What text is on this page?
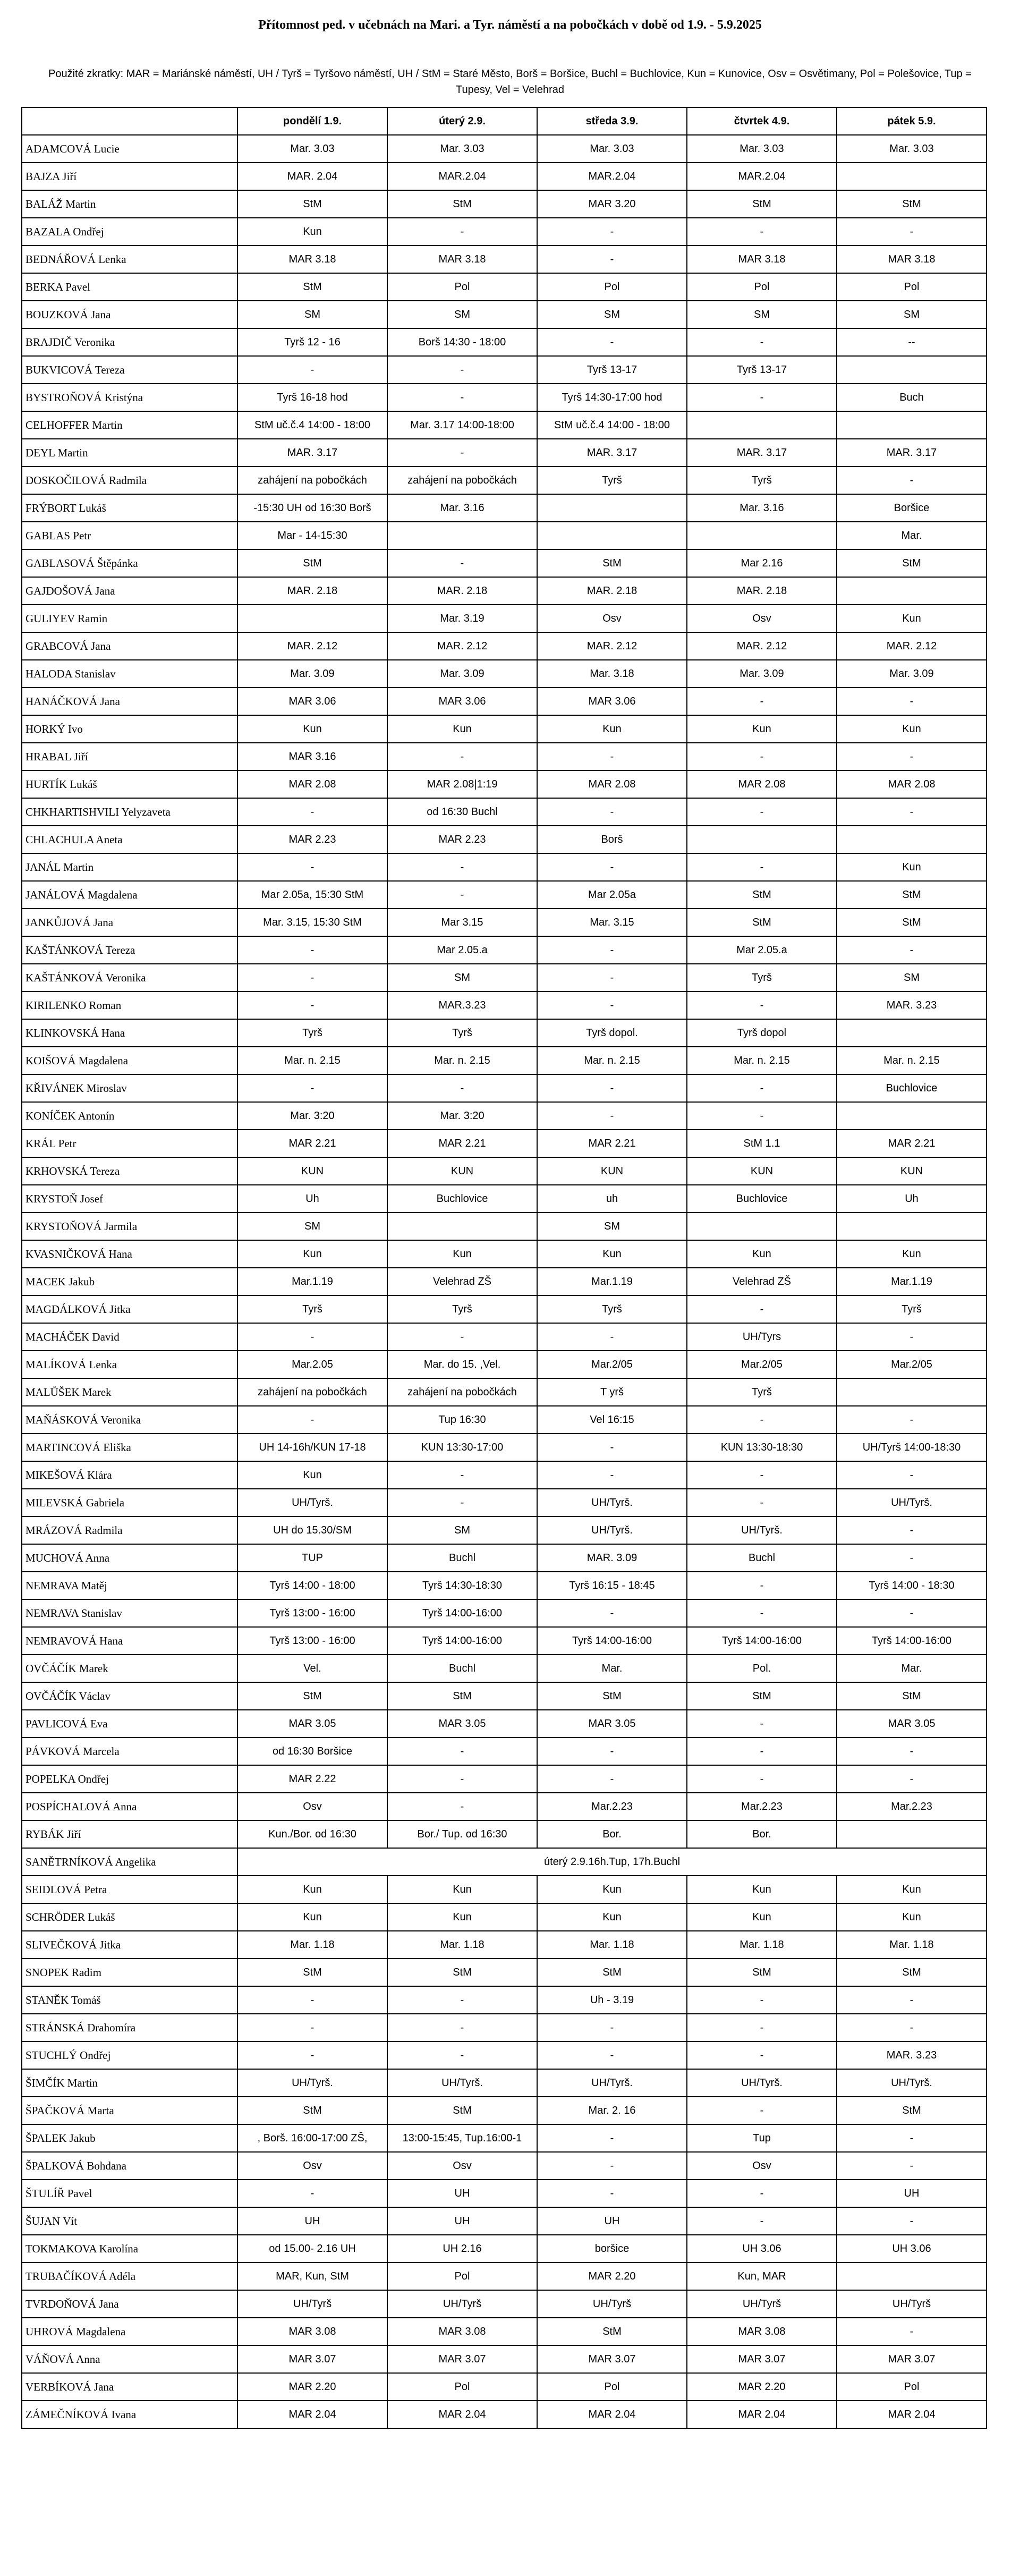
Přítomnost ped. v učebnách na Mari. a Tyr. náměstí a na pobočkách v době od 1.9. - 5.9.2025
Použité zkratky: MAR = Mariánské náměstí, UH / Tyrš = Tyršovo náměstí, UH / StM = Staré Město, Borš = Boršice, Buchl = Buchlovice, Kun = Kunovice, Osv = Osvětimany, Pol = Polešovice, Tup = Tupesy, Vel = Velehrad
	pondělí 1.9.	úterý 2.9.	středa 3.9.	čtvrtek 4.9.	pátek 5.9.
ADAMCOVÁ Lucie	Mar. 3.03	Mar. 3.03	Mar. 3.03	Mar. 3.03	Mar. 3.03
BAJZA Jiří	MAR. 2.04	MAR.2.04	MAR.2.04	MAR.2.04	
BALÁŽ Martin	StM	StM	MAR 3.20	StM	StM
BAZALA Ondřej	Kun	-	-	-	-
BEDNÁŘOVÁ Lenka	MAR 3.18	MAR 3.18	-	MAR 3.18	MAR 3.18
BERKA Pavel	StM	Pol	Pol	Pol	Pol
BOUZKOVÁ Jana	SM	SM	SM	SM	SM
BRAJDIČ Veronika	Tyrš 12 - 16	Borš 14:30 - 18:00	-	-	--
BUKVICOVÁ Tereza	-	-	Tyrš 13-17	Tyrš 13-17	
BYSTROŇOVÁ Kristýna	Tyrš 16-18 hod	-	Tyrš 14:30-17:00 hod	-	Buch
CELHOFFER Martin	StM uč.č.4 14:00 - 18:00	Mar. 3.17 14:00-18:00	StM uč.č.4 14:00 - 18:00		
DEYL Martin	MAR. 3.17	-	MAR. 3.17	MAR. 3.17	MAR. 3.17
DOSKOČILOVÁ Radmila	zahájení na pobočkách	zahájení na pobočkách	Tyrš	Tyrš	-
FRÝBORT Lukáš	-15:30 UH od 16:30 Borš	Mar. 3.16		Mar. 3.16	Boršice
GABLAS Petr	Mar - 14-15:30				Mar.
GABLASOVÁ Štěpánka	StM	-	StM	Mar 2.16	StM
GAJDOŠOVÁ Jana	MAR. 2.18	MAR. 2.18	MAR. 2.18	MAR. 2.18	
GULIYEV Ramin		Mar. 3.19	Osv	Osv	Kun
GRABCOVÁ Jana	MAR. 2.12	MAR. 2.12	MAR. 2.12	MAR. 2.12	MAR. 2.12
HALODA Stanislav	Mar. 3.09	Mar. 3.09	Mar. 3.18	Mar. 3.09	Mar. 3.09
HANÁČKOVÁ Jana	MAR 3.06	MAR 3.06	MAR 3.06	-	-
HORKÝ Ivo	Kun	Kun	Kun	Kun	Kun
HRABAL Jiří	MAR 3.16	-	-	-	-
HURTÍK Lukáš	MAR 2.08	MAR 2.08|1:19	MAR 2.08	MAR 2.08	MAR 2.08
CHKHARTISHVILI Yelyzaveta	-	od 16:30 Buchl	-	-	-
CHLACHULA Aneta	MAR 2.23	MAR 2.23	Borš		
JANÁL Martin	-	-	-	-	Kun
JANÁLOVÁ Magdalena	Mar 2.05a, 15:30 StM	-	Mar 2.05a	StM	StM
JANKŮJOVÁ Jana	Mar. 3.15, 15:30 StM	Mar 3.15	Mar. 3.15	StM	StM
KAŠTÁNKOVÁ Tereza	-	Mar 2.05.a	-	Mar 2.05.a	-
KAŠTÁNKOVÁ Veronika	-	SM	-	Tyrš	SM
KIRILENKO Roman	-	MAR.3.23	-	-	MAR. 3.23
KLINKOVSKÁ Hana	Tyrš	Tyrš	Tyrš dopol.	Tyrš dopol	
KOIŠOVÁ Magdalena	Mar. n. 2.15	Mar. n. 2.15	Mar. n. 2.15	Mar. n. 2.15	Mar. n. 2.15
KŘIVÁNEK Miroslav	-	-	-	-	Buchlovice
KONÍČEK Antonín	Mar. 3:20	Mar. 3:20	-	-	
KRÁL Petr	MAR 2.21	MAR 2.21	MAR 2.21	StM 1.1	MAR 2.21
KRHOVSKÁ Tereza	KUN	KUN	KUN	KUN	KUN
KRYSTOŇ Josef	Uh	Buchlovice	uh	Buchlovice	Uh
KRYSTOŇOVÁ Jarmila	SM		SM		
KVASNIČKOVÁ Hana	Kun	Kun	Kun	Kun	Kun
MACEK Jakub	Mar.1.19	Velehrad ZŠ	Mar.1.19	Velehrad ZŠ	Mar.1.19
MAGDÁLKOVÁ Jitka	Tyrš	Tyrš	Tyrš	-	Tyrš
MACHÁČEK David	-	-	-	UH/Tyrs	-
MALÍKOVÁ Lenka	Mar.2.05	Mar. do 15. ,Vel.	Mar.2/05	Mar.2/05	Mar.2/05
MALŮŠEK Marek	zahájení na pobočkách	zahájení na pobočkách	T yrš	Tyrš	
MAŇÁSKOVÁ Veronika	-	Tup 16:30	Vel 16:15	-	-
MARTINCOVÁ Eliška	UH 14-16h/KUN 17-18	KUN 13:30-17:00	-	KUN 13:30-18:30	UH/Tyrš 14:00-18:30
MIKEŠOVÁ Klára	Kun	-	-	-	-
MILEVSKÁ Gabriela	UH/Tyrš.	-	UH/Tyrš.	-	UH/Tyrš.
MRÁZOVÁ Radmila	UH do 15.30/SM	SM	UH/Tyrš.	UH/Tyrš.	-
MUCHOVÁ Anna	TUP	Buchl	MAR. 3.09	Buchl	-
NEMRAVA Matěj	Tyrš 14:00 - 18:00	Tyrš 14:30-18:30	Tyrš 16:15 - 18:45	-	Tyrš 14:00 - 18:30
NEMRAVA Stanislav	Tyrš 13:00 - 16:00	Tyrš 14:00-16:00	-	-	-
NEMRAVOVÁ Hana	Tyrš 13:00 - 16:00	Tyrš 14:00-16:00	Tyrš 14:00-16:00	Tyrš 14:00-16:00	Tyrš 14:00-16:00
OVČÁČÍK Marek	Vel.	Buchl	Mar.	Pol.	Mar.
OVČÁČÍK Václav	StM	StM	StM	StM	StM
PAVLICOVÁ Eva	MAR 3.05	MAR 3.05	MAR 3.05	-	MAR 3.05
PÁVKOVÁ Marcela	od 16:30 Boršice	-	-	-	-
POPELKA Ondřej	MAR 2.22	-	-	-	-
POSPÍCHALOVÁ Anna	Osv	-	Mar.2.23	Mar.2.23	Mar.2.23
RYBÁK Jiří	Kun./Bor. od 16:30	Bor./ Tup. od 16:30	Bor.	Bor.	
SANĚTRNÍKOVÁ Angelika	úterý 2.9.16h.Tup, 17h.Buchl				
SEIDLOVÁ Petra	Kun	Kun	Kun	Kun	Kun
SCHRÖDER Lukáš	Kun	Kun	Kun	Kun	Kun
SLIVEČKOVÁ Jitka	Mar. 1.18	Mar. 1.18	Mar. 1.18	Mar. 1.18	Mar. 1.18
SNOPEK Radim	StM	StM	StM	StM	StM
STANĚK Tomáš	-	-	Uh - 3.19	-	-
STRÁNSKÁ Drahomíra	-	-	-	-	-
STUCHLÝ Ondřej	-	-	-	-	MAR. 3.23
ŠIMČÍK Martin	UH/Tyrš.	UH/Tyrš.	UH/Tyrš.	UH/Tyrš.	UH/Tyrš.
ŠPAČKOVÁ Marta	StM	StM	Mar. 2. 16	-	StM
ŠPALEK Jakub	, Borš. 16:00-17:00 ZŠ,	13:00-15:45, Tup.16:00-1	-	Tup	-
ŠPALKOVÁ Bohdana	Osv	Osv	-	Osv	-
ŠTULÍŘ Pavel	-	UH	-	-	UH
ŠUJAN Vít	UH	UH	UH	-	-
TOKMAKOVA Karolína	od 15.00- 2.16 UH	UH 2.16	boršice	UH 3.06	UH 3.06
TRUBAČÍKOVÁ Adéla	MAR, Kun, StM	Pol	MAR 2.20	Kun, MAR	
TVRDOŇOVÁ Jana	UH/Tyrš	UH/Tyrš	UH/Tyrš	UH/Tyrš	UH/Tyrš
UHROVÁ Magdalena	MAR 3.08	MAR 3.08	StM	MAR 3.08	-
VÁŇOVÁ Anna	MAR 3.07	MAR 3.07	MAR 3.07	MAR 3.07	MAR 3.07
VERBÍKOVÁ Jana	MAR 2.20	Pol	Pol	MAR 2.20	Pol
ZÁMEČNÍKOVÁ Ivana	MAR 2.04	MAR 2.04	MAR 2.04	MAR 2.04	MAR 2.04
